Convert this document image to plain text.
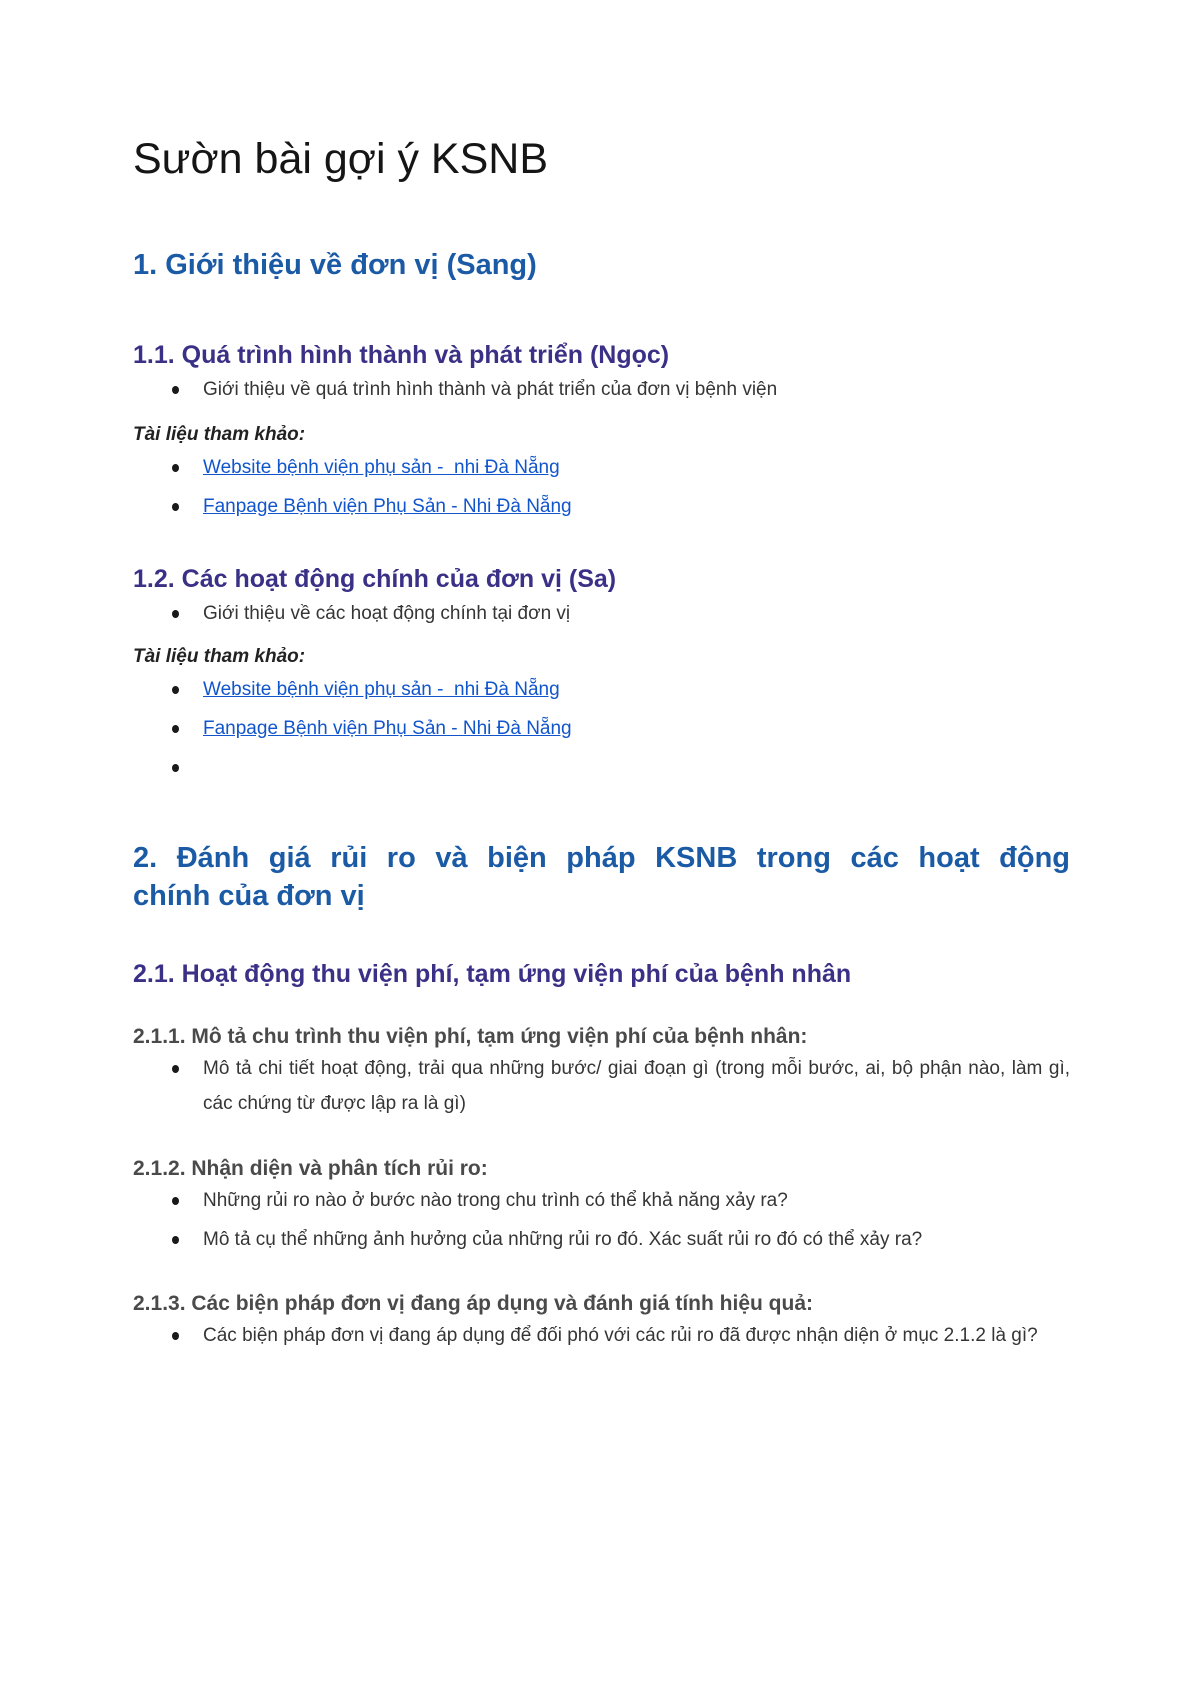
Sườn bài gợi ý KSNB
1. Giới thiệu về đơn vị (Sang)
1.1. Quá trình hình thành và phát triển (Ngọc)
Giới thiệu về quá trình hình thành và phát triển của đơn vị bệnh viện

Tài liệu tham khảo:

Website bệnh viện phụ sản -  nhi Đà Nẵng
Fanpage Bệnh viện Phụ Sản - Nhi Đà Nẵng
1.2. Các hoạt động chính của đơn vị (Sa)
Giới thiệu về các hoạt động chính tại đơn vị

Tài liệu tham khảo:

Website bệnh viện phụ sản -  nhi Đà Nẵng
Fanpage Bệnh viện Phụ Sản - Nhi Đà Nẵng
2. Đánh giá rủi ro và biện pháp KSNB trong các hoạt động
chính của đơn vị
2.1. Hoạt động thu viện phí, tạm ứng viện phí của bệnh nhân
2.1.1. Mô tả chu trình thu viện phí, tạm ứng viện phí của bệnh nhân:
Mô tả chi tiết hoạt động, trải qua những bước/ giai đoạn gì (trong mỗi bước, ai, bộ phận nào, làm gì, các chứng từ được lập ra là gì)
2.1.2. Nhận diện và phân tích rủi ro:
Những rủi ro nào ở bước nào trong chu trình có thể khả năng xảy ra?
Mô tả cụ thể những ảnh hưởng của những rủi ro đó. Xác suất rủi ro đó có thể xảy ra?
2.1.3. Các biện pháp đơn vị đang áp dụng và đánh giá tính hiệu quả:
Các biện pháp đơn vị đang áp dụng để đối phó với các rủi ro đã được nhận diện ở mục 2.1.2 là gì?
